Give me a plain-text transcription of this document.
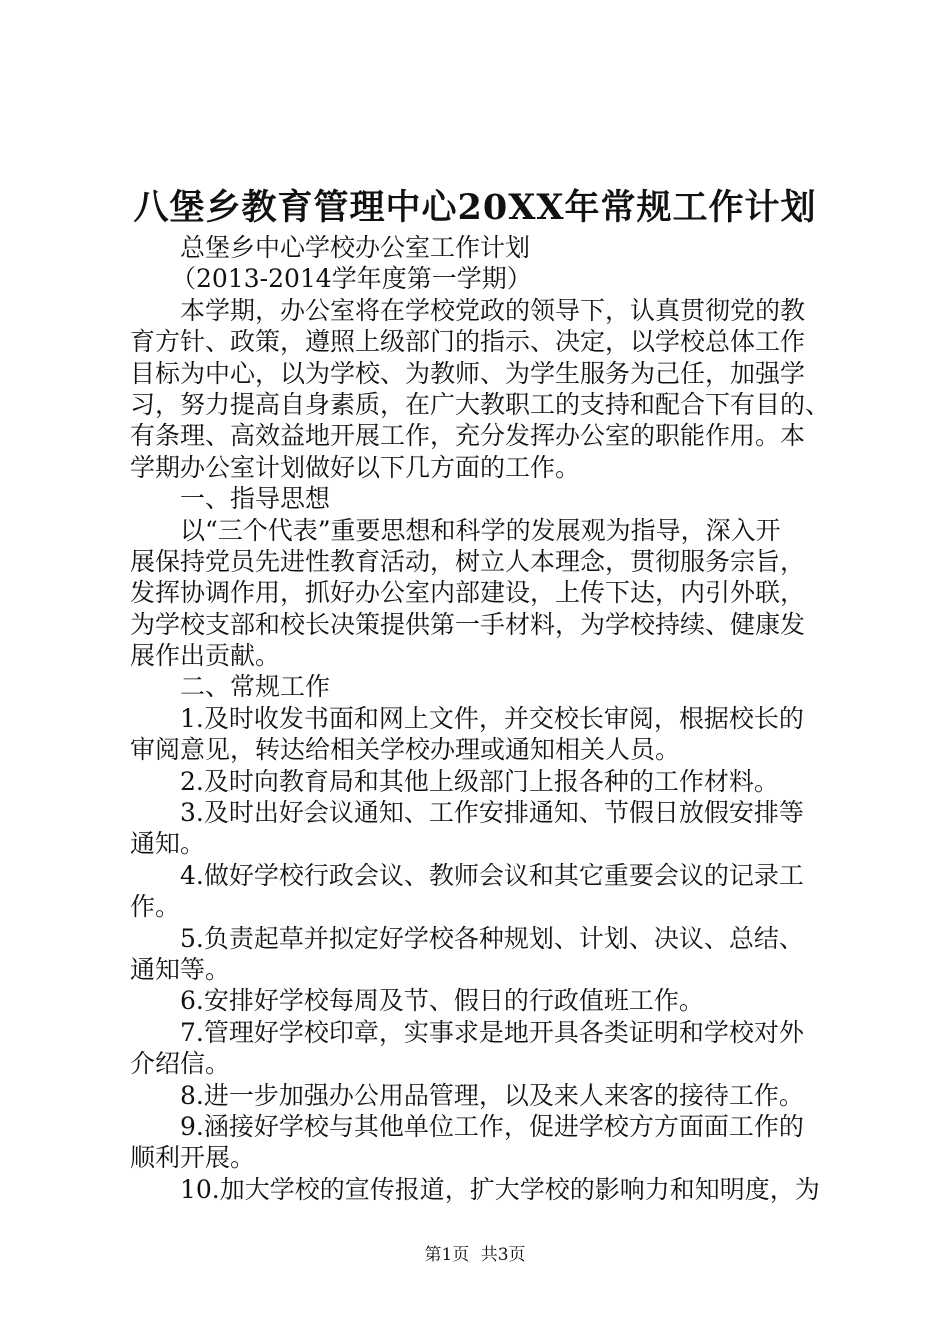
八堡乡教育管理中心20XX年常规工作计划
总堡乡中心学校办公室工作计划
（2013-2014学年度第一学期）
本学期，办公室将在学校党政的领导下，认真贯彻党的教
育方针、政策，遵照上级部门的指示、决定，以学校总体工作
目标为中心，以为学校、为教师、为学生服务为己任，加强学
习，努力提高自身素质，在广大教职工的支持和配合下有目的、
有条理、高效益地开展工作，充分发挥办公室的职能作用。本
学期办公室计划做好以下几方面的工作。
一、指导思想
以“三个代表”重要思想和科学的发展观为指导，深入开
展保持党员先进性教育活动，树立人本理念，贯彻服务宗旨，
发挥协调作用，抓好办公室内部建设，上传下达，内引外联，
为学校支部和校长决策提供第一手材料，为学校持续、健康发
展作出贡献。
二、常规工作
1.及时收发书面和网上文件，并交校长审阅，根据校长的
审阅意见，转达给相关学校办理或通知相关人员。
2.及时向教育局和其他上级部门上报各种的工作材料。
3.及时出好会议通知、工作安排通知、节假日放假安排等
通知。
4.做好学校行政会议、教师会议和其它重要会议的记录工
作。
5.负责起草并拟定好学校各种规划、计划、决议、总结、
通知等。
6.安排好学校每周及节、假日的行政值班工作。
7.管理好学校印章，实事求是地开具各类证明和学校对外
介绍信。
8.进一步加强办公用品管理，以及来人来客的接待工作。
9.涵接好学校与其他单位工作，促进学校方方面面工作的
顺利开展。
10.加大学校的宣传报道，扩大学校的影响力和知明度，为
第1页 共3页
